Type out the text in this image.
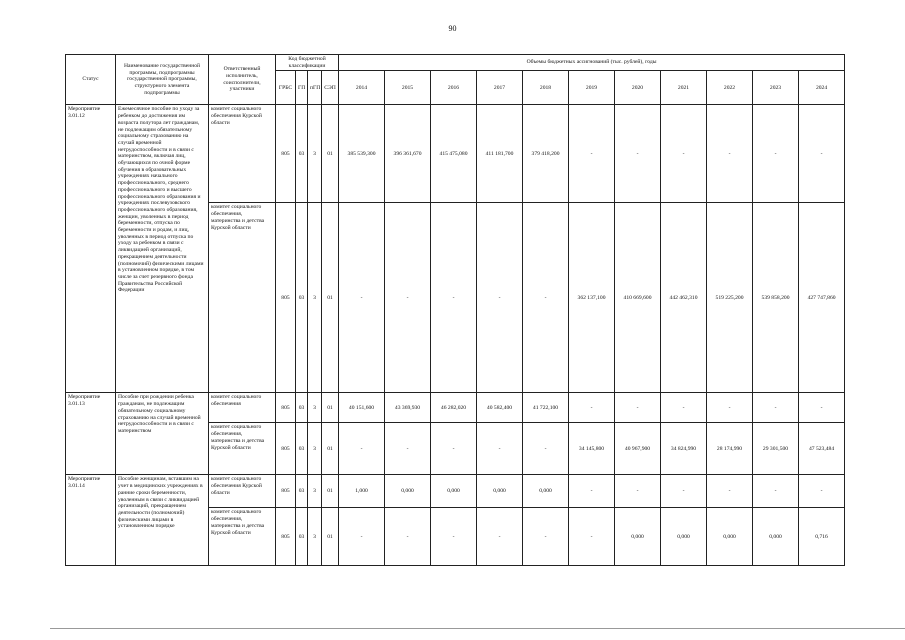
90
Статус	Наименование государственной программы, подпрограммы государственной программы, структурного элемента подпрограммы	Ответственный исполнитель, соисполнители, участники	Код бюджетной классификации				Объемы бюджетных ассигнований (тыс. рублей), годы										
			ГРБС	ГП	пГП	СЭП	2014	2015	2016	2017	2018	2019	2020	2021	2022	2023	2024
Мероприятие 3.01.12	Ежемесячное пособие по уходу за ребенком до достижения им возраста полутора лет гражданам, не подлежащим обязательному социальному страхованию на случай временной нетрудоспособности и в связи с материнством, включая лиц, обучающихся по очной форме обучения в образовательных учреждениях начального профессионального, среднего профессионального и высшего профессионального образования и учреждениях послевузовского профессионального образования, женщин, уволенных в период беременности, отпуска по беременности и родам, и лиц, уволенных в период отпуска по уходу за ребенком в связи с ликвидацией организаций, прекращением деятельности (полномочий) физическими лицами в установленном порядке, в том числе за счет резервного фонда Правительства Российской Федерации	комитет социального обеспечения Курской области	805	03	3	01	385 539,300	396 361,670	415 475,080	411 181,700	379 418,200	-	-	-	-	-	-
		комитет социального обеспечения, материнства и детства Курской области	805	03	3	01	-	-	-	-	-	362 137,100	410 669,600	442 462,310	519 225,200	539 858,200	427 747,860
Мероприятие 3.01.13	Пособие при рождении ребенка гражданам, не подлежащим обязательному социальному страхованию на случай временной нетрудоспособности и в связи с материнством	комитет социального обеспечения	805	03	3	01	40 151,600	43 369,930	46 282,020	40 582,400	41 722,100	-	-	-	-	-	-
		комитет социального обеспечения, материнства и детства Курской области	805	03	3	01	-	-	-	-	-	34 145,800	40 967,900	34 824,990	28 174,990	29 301,500	47 523,484
Мероприятие 3.01.14	Пособие женщинам, вставшим на учет в медицинских учреждениях в ранние сроки беременности, уволенным в связи с ликвидацией организаций, прекращением деятельности (полномочий) физическими лицами в установленном порядке	комитет социального обеспечения Курской области	805	03	3	01	1,000	0,000	0,000	0,000	0,000	-	-	-	-	-	-
		комитет социального обеспечения, материнства и детства Курской области	805	03	3	01	-	-	-	-	-	-	0,000	0,000	0,000	0,000	0,716
